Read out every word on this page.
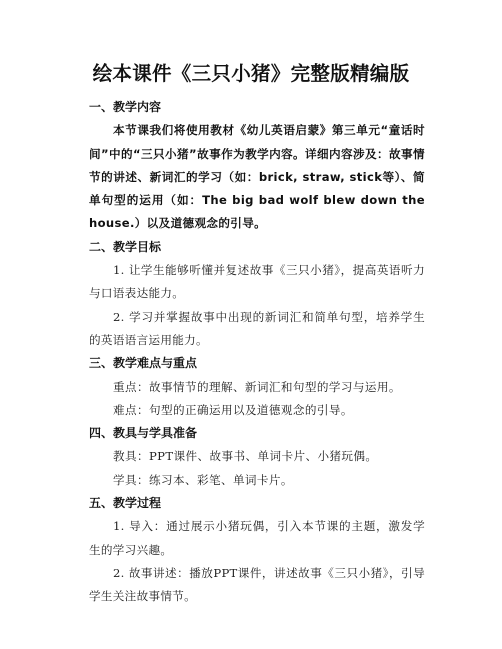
绘本课件《三只小猪》完整版精编版
一、教学内容
本节课我们将使用教材《幼儿英语启蒙》第三单元“童话时间”中的“三只小猪”故事作为教学内容。详细内容涉及：故事情节的讲述、新词汇的学习（如：brick, straw, stick等）、简单句型的运用（如：The big bad wolf blew down the house.）以及道德观念的引导。
二、教学目标
1. 让学生能够听懂并复述故事《三只小猪》，提高英语听力与口语表达能力。
2. 学习并掌握故事中出现的新词汇和简单句型，培养学生的英语语言运用能力。
三、教学难点与重点
重点：故事情节的理解、新词汇和句型的学习与运用。
难点：句型的正确运用以及道德观念的引导。
四、教具与学具准备
教具：PPT课件、故事书、单词卡片、小猪玩偶。
学具：练习本、彩笔、单词卡片。
五、教学过程
1. 导入：通过展示小猪玩偶，引入本节课的主题，激发学生的学习兴趣。
2. 故事讲述：播放PPT课件，讲述故事《三只小猪》，引导学生关注故事情节。
